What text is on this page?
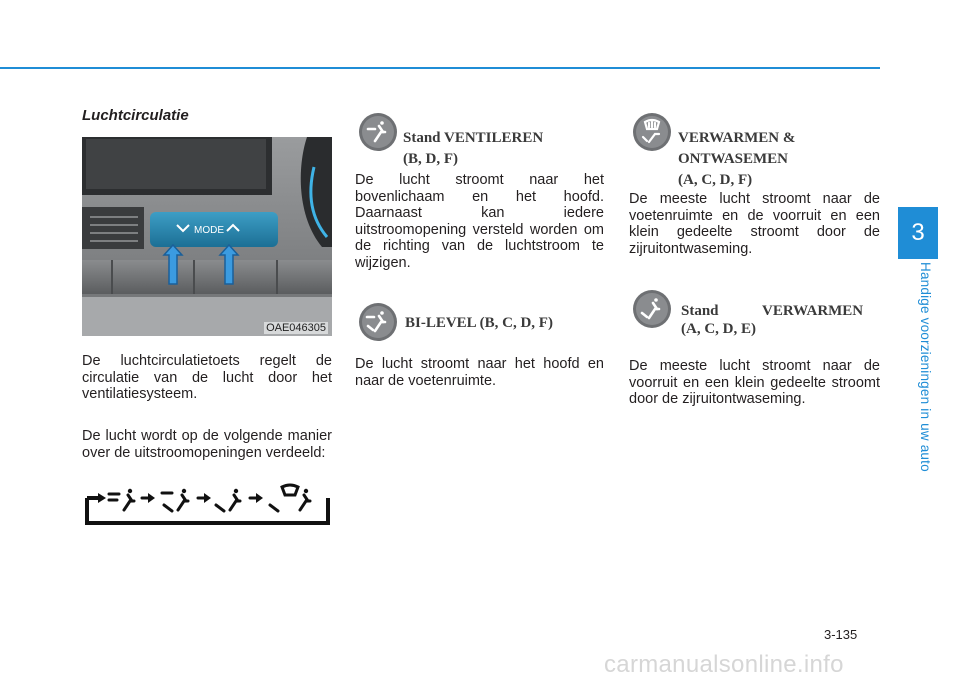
3
Handige voorzieningen in uw auto
Luchtcirculatie
MODE
OAE046305
De luchtcirculatietoets regelt de circulatie van de lucht door het ventilatiesysteem.
De lucht wordt op de volgende manier over de uitstroomopeningen verdeeld:
Stand VENTILEREN
(B, D, F)
De lucht stroomt naar het bovenlichaam en het hoofd. Daarnaast kan iedere uitstroomopening versteld worden om de richting van de luchtstroom te wijzigen.
BI-LEVEL (B, C, D, F)
De lucht stroomt naar het hoofd en naar de voetenruimte.
VERWARMEN &
ONTWASEMEN
(A, C, D, F)
De meeste lucht stroomt naar de voetenruimte en de voorruit en een klein gedeelte stroomt door de zijruitontwaseming.
Stand VERWARMEN
(A, C, D, E)
De meeste lucht stroomt naar de voorruit en een klein gedeelte stroomt door de zijruitontwaseming.
3-135
carmanualsonline.info
